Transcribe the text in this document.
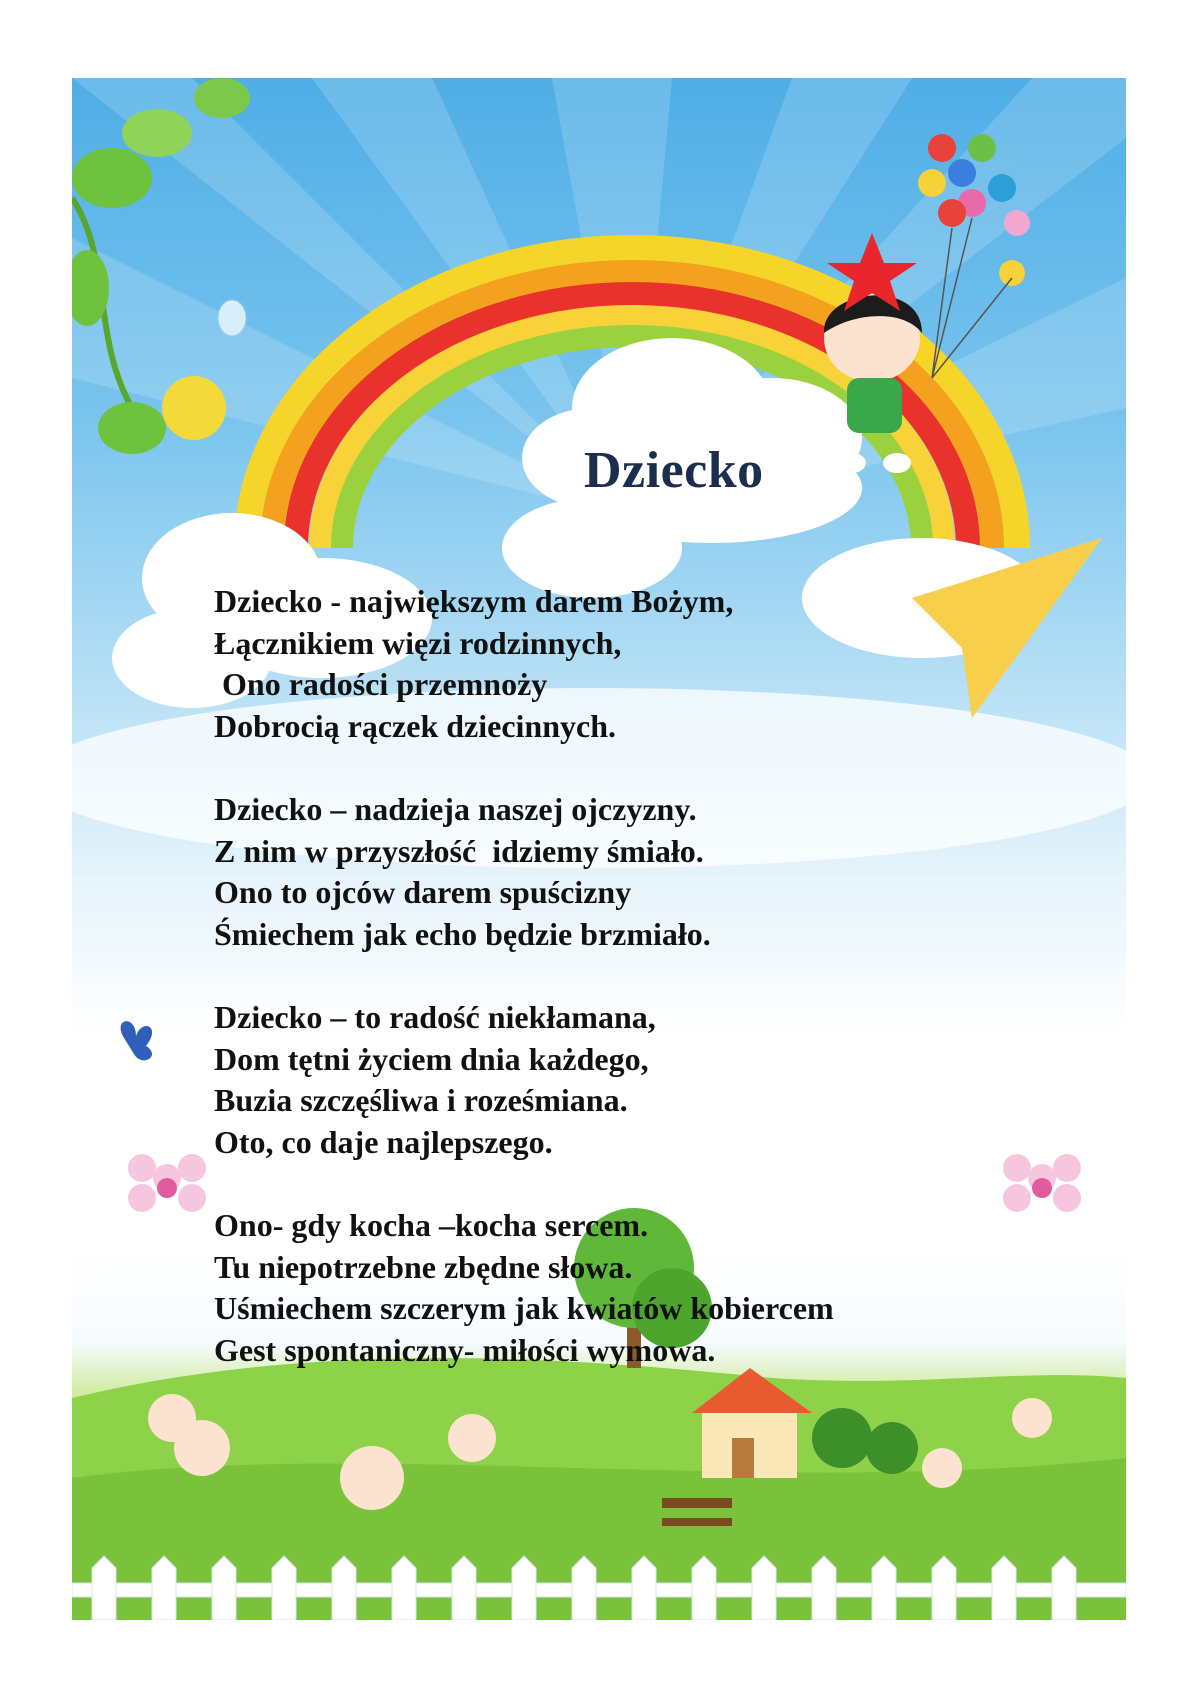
Dziecko
Dziecko - największym darem Bożym,
Łącznikiem więzi rodzinnych,
Ono radości przemnoży
Dobrocią rączek dziecinnych.
Dziecko – nadzieja naszej ojczyzny.
Z nim w przyszłość  idziemy śmiało.
Ono to ojców darem spuścizny
Śmiechem jak echo będzie brzmiało.
Dziecko – to radość niekłamana,
Dom tętni życiem dnia każdego,
Buzia szczęśliwa i roześmiana.
Oto, co daje najlepszego.
Ono- gdy kocha –kocha sercem.
Tu niepotrzebne zbędne słowa.
Uśmiechem szczerym jak kwiatów kobiercem
Gest spontaniczny- miłości wymowa.
